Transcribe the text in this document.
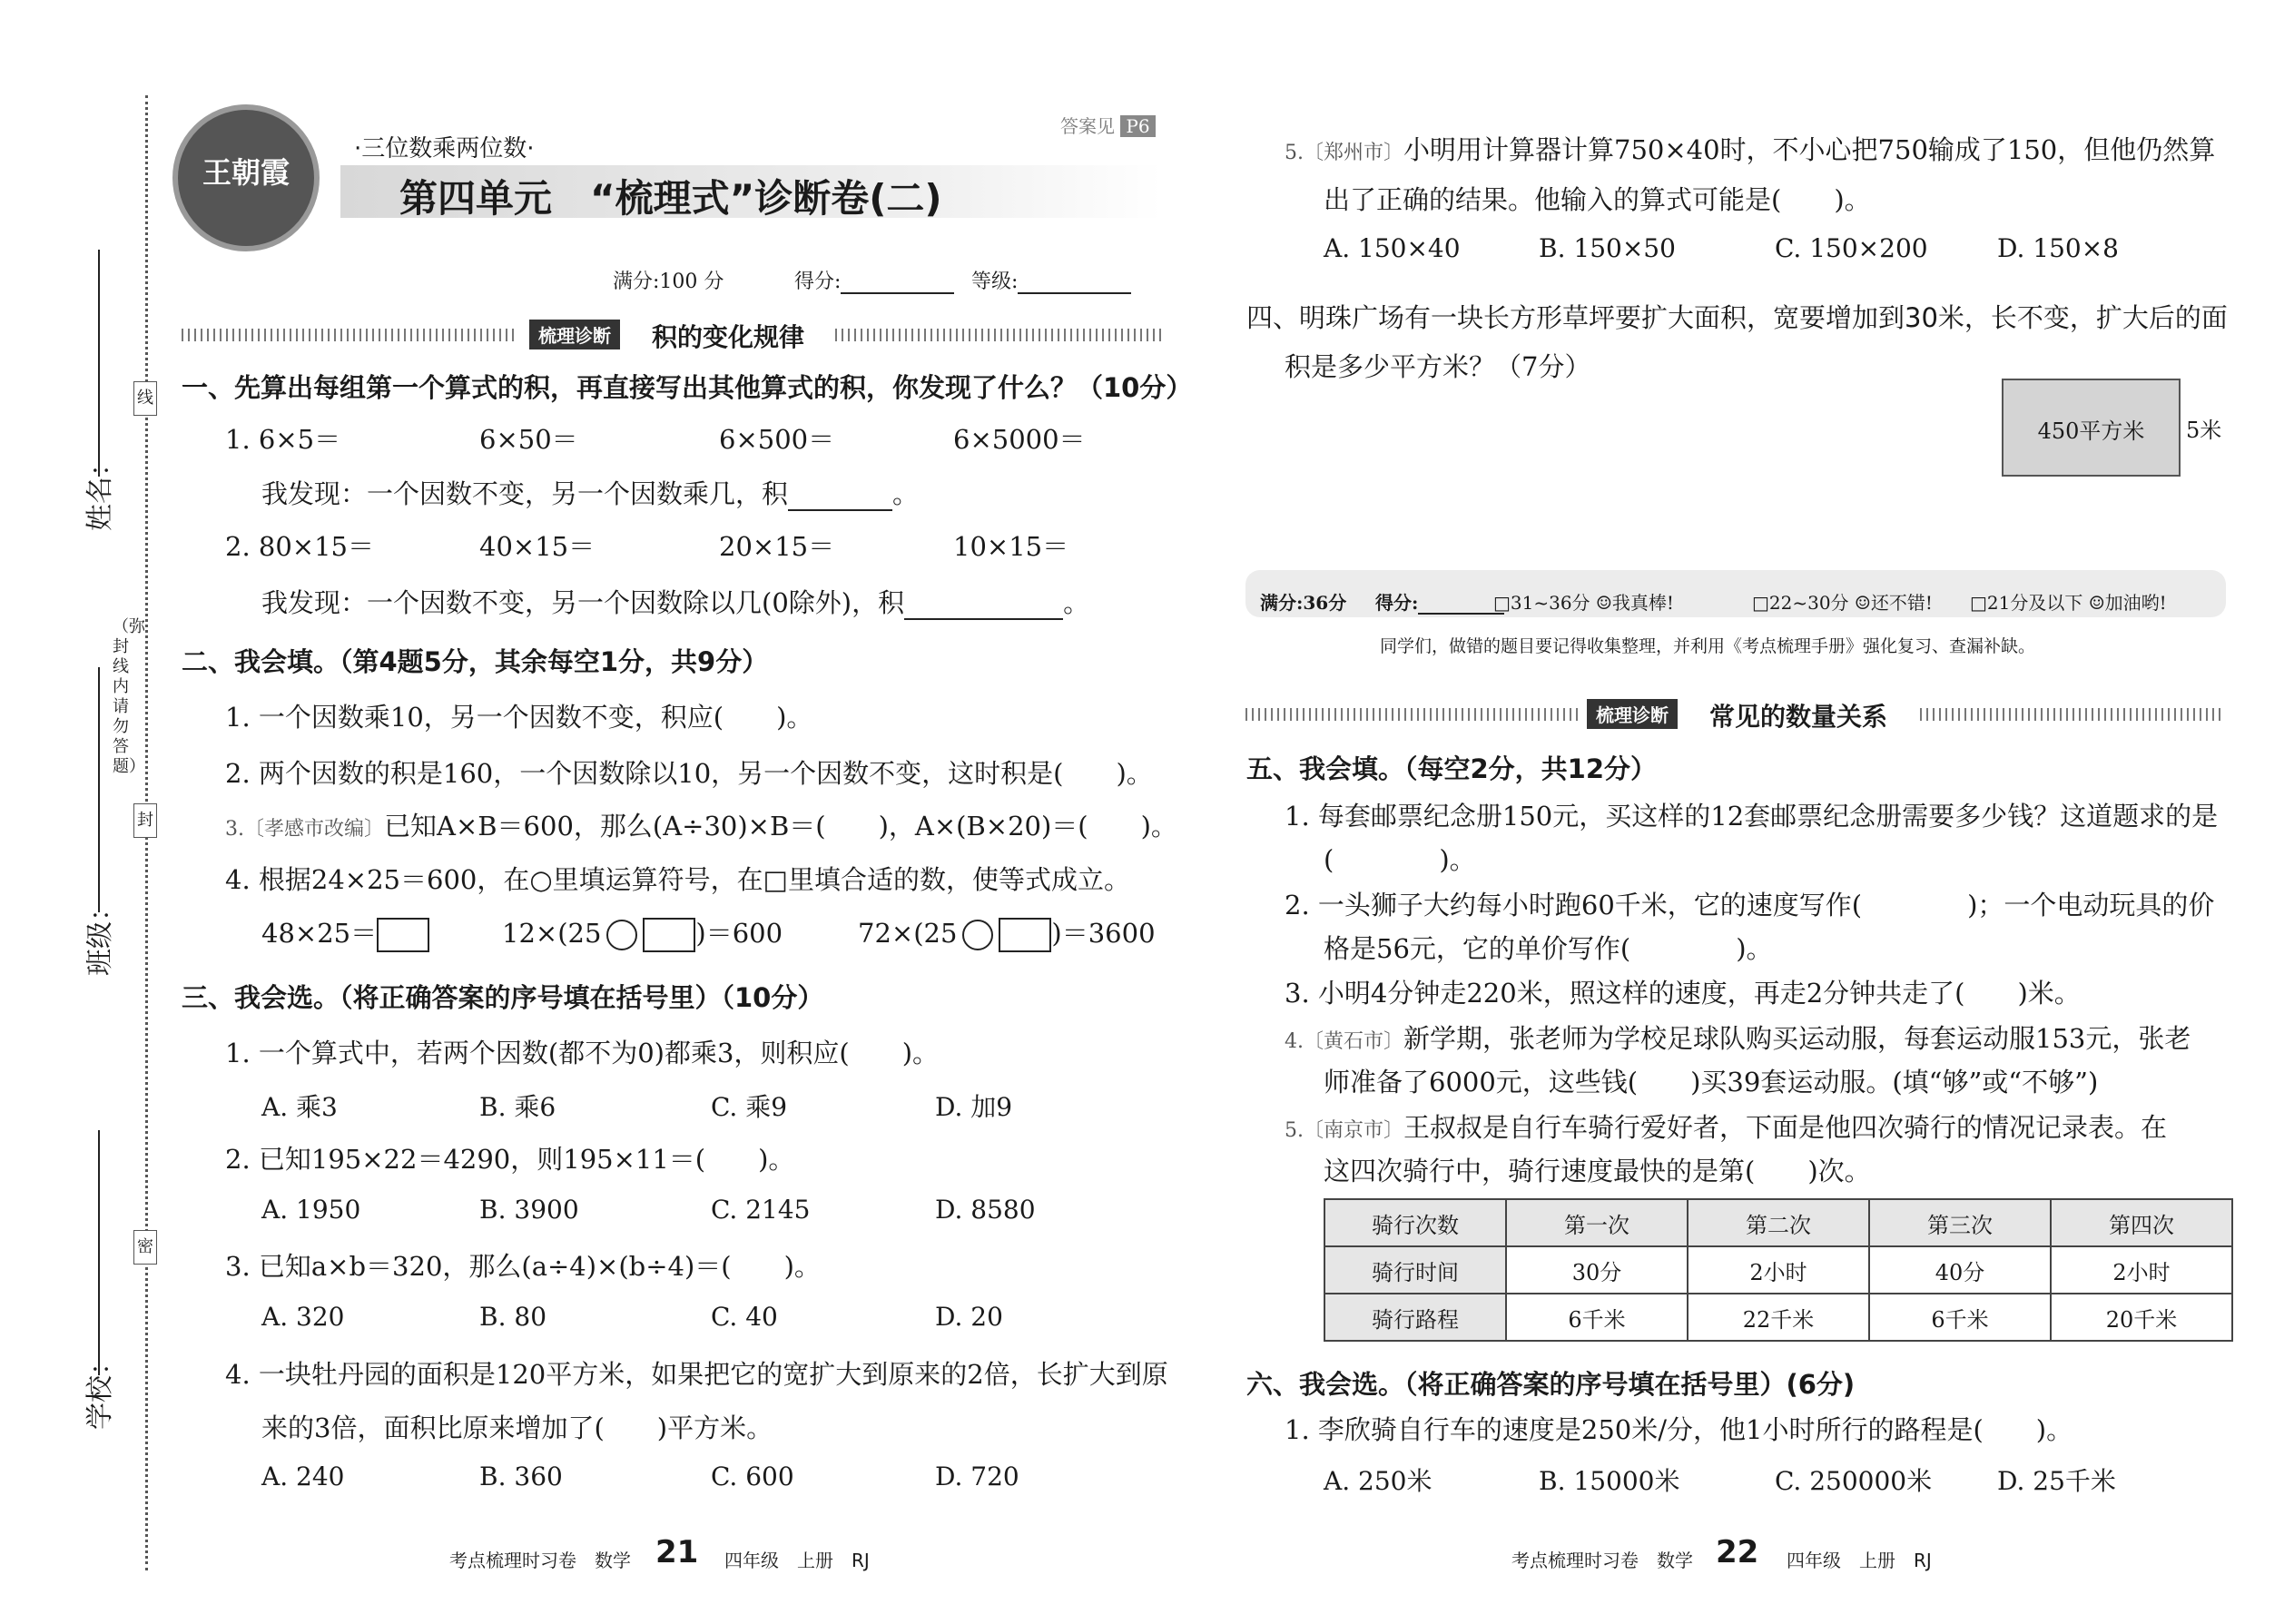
线
封
密
（弥封线内请勿答题）
姓名：
班级：
学校：
王朝霞
·三位数乘两位数·
第四单元　“梳理式”诊断卷(二)
答案见 P6
满分:100 分	得分:	等级:
梳理诊断	积的变化规律
一、先算出每组第一个算式的积，再直接写出其他算式的积，你发现了什么？（10分）
1. 6×5＝	6×50＝	6×500＝	6×5000＝
我发现：一个因数不变，另一个因数乘几，积	。
2. 80×15＝	40×15＝	20×15＝	10×15＝
我发现：一个因数不变，另一个因数除以几(0除外)，积	。
二、我会填。（第4题5分，其余每空1分，共9分）
1. 一个因数乘10，另一个因数不变，积应(　　)。
2. 两个因数的积是160，一个因数除以10，另一个因数不变，这时积是(　　)。
3.〔孝感市改编〕已知A×B＝600，那么(A÷30)×B＝(　　)，A×(B×20)＝(　　)。
4. 根据24×25＝600，在○里填运算符号，在□里填合适的数，使等式成立。
48×25＝	12×(25	)＝600	72×(25	)＝3600
三、我会选。（将正确答案的序号填在括号里）（10分）
1. 一个算式中，若两个因数(都不为0)都乘3，则积应(　　)。
A. 乘3	B. 乘6	C. 乘9	D. 加9
2. 已知195×22＝4290，则195×11＝(　　)。
A. 1950	B. 3900	C. 2145	D. 8580
3. 已知a×b＝320，那么(a÷4)×(b÷4)＝(　　)。
A. 320	B. 80	C. 40	D. 20
4. 一块牡丹园的面积是120平方米，如果把它的宽扩大到原来的2倍，长扩大到原
来的3倍，面积比原来增加了(　　)平方米。
A. 240	B. 360	C. 600	D. 720
考点梳理时习卷　数学 21 四年级　上册　RJ
5.〔郑州市〕小明用计算器计算750×40时，不小心把750输成了150，但他仍然算
出了正确的结果。他输入的算式可能是(　　)。
A. 150×40	B. 150×50	C. 150×200	D. 150×8
四、明珠广场有一块长方形草坪要扩大面积，宽要增加到30米，长不变，扩大后的面
积是多少平方米？（7分）
450平方米	5米
满分:36分 得分:	□31~36分 ☺我真棒!	□22~30分 ☺还不错! □21分及以下 ☺加油哟!
同学们，做错的题目要记得收集整理，并利用《考点梳理手册》强化复习、查漏补缺。
梳理诊断	常见的数量关系
五、我会填。（每空2分，共12分）
1. 每套邮票纪念册150元，买这样的12套邮票纪念册需要多少钱？这道题求的是
(　　　　)。
2. 一头狮子大约每小时跑60千米，它的速度写作(　　　　)；一个电动玩具的价
格是56元，它的单价写作(　　　　)。
3. 小明4分钟走220米，照这样的速度，再走2分钟共走了(　　)米。
4.〔黄石市〕新学期，张老师为学校足球队购买运动服，每套运动服153元，张老
师准备了6000元，这些钱(　　)买39套运动服。(填“够”或“不够”)
5.〔南京市〕王叔叔是自行车骑行爱好者，下面是他四次骑行的情况记录表。在
这四次骑行中，骑行速度最快的是第(　　)次。
骑行次数	第一次	第二次	第三次	第四次
骑行时间	30分	2小时	40分	2小时
骑行路程	6千米	22千米	6千米	20千米
六、我会选。（将正确答案的序号填在括号里）(6分)
1. 李欣骑自行车的速度是250米/分，他1小时所行的路程是(　　)。
A. 250米	B. 15000米	C. 250000米	D. 25千米
考点梳理时习卷　数学 22 四年级　上册　RJ
